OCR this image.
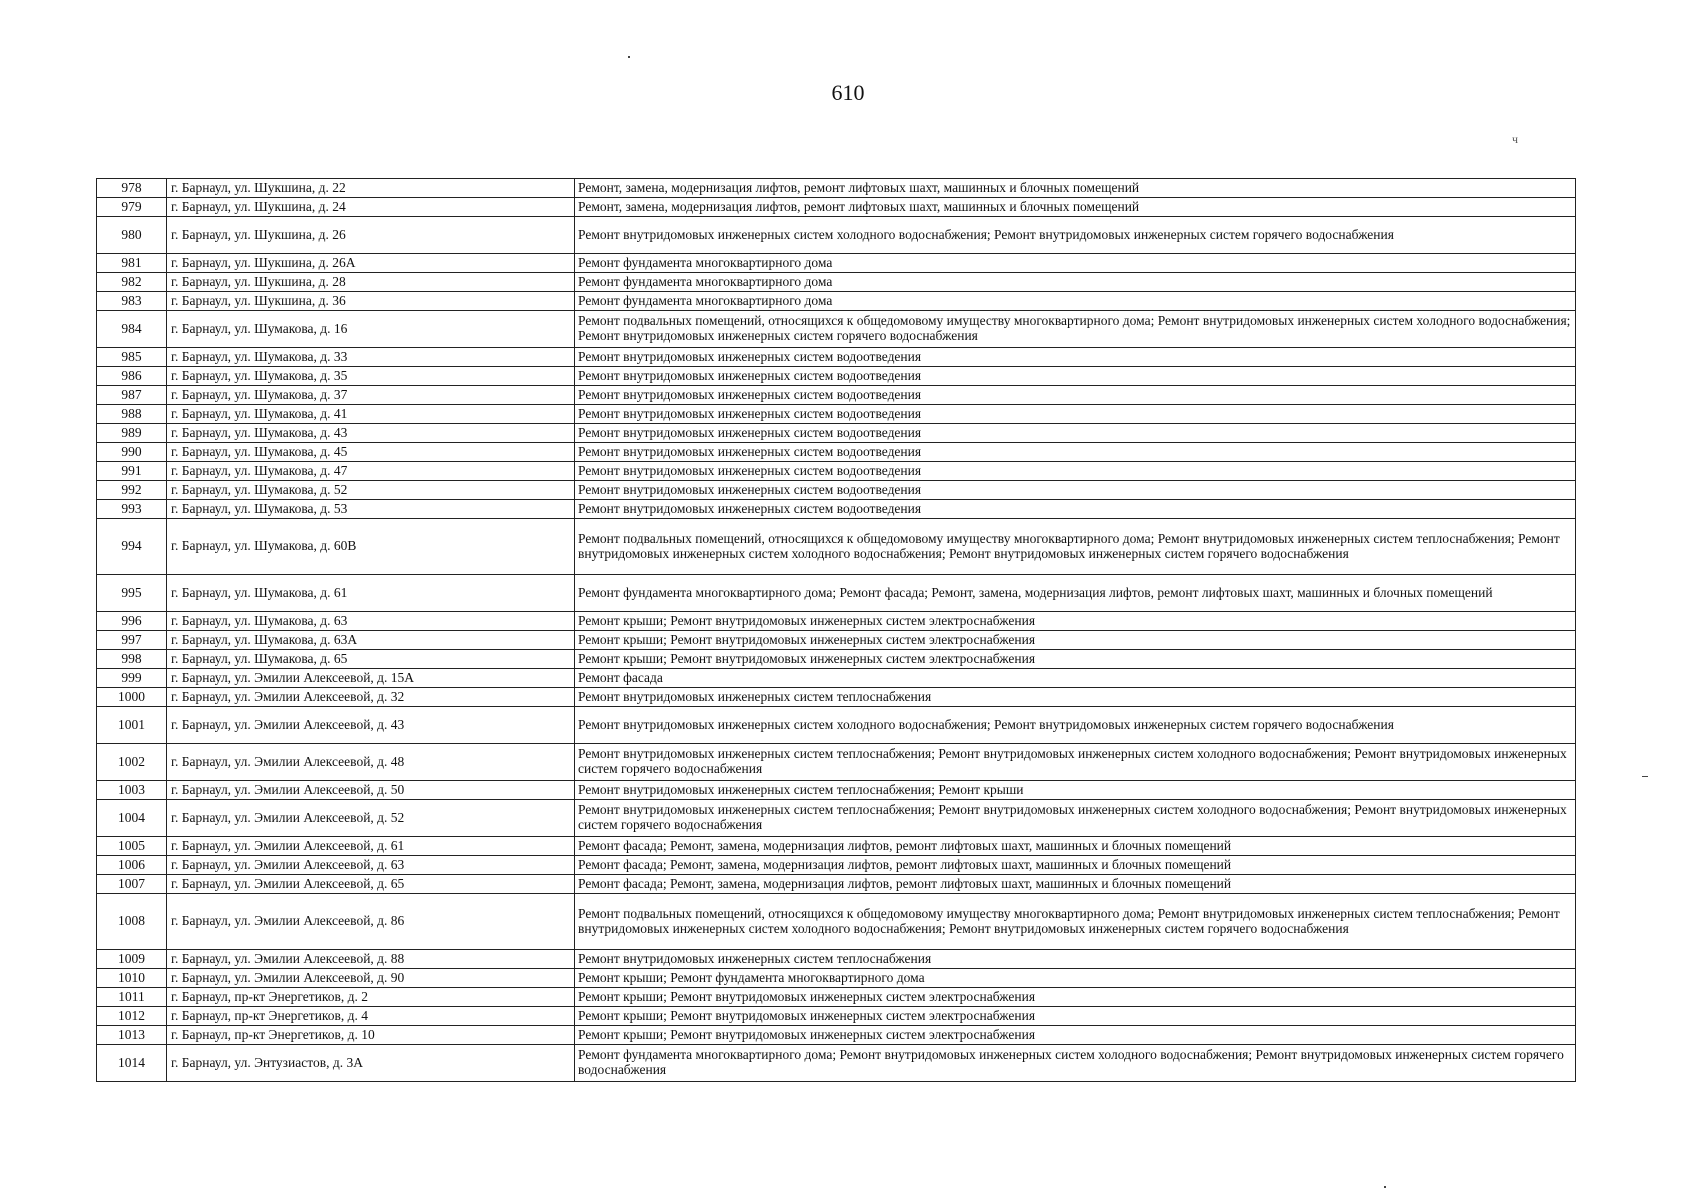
610
ч
978	г. Барнаул, ул. Шукшина, д. 22	Ремонт, замена, модернизация лифтов, ремонт лифтовых шахт, машинных и блочных помещений
979	г. Барнаул, ул. Шукшина, д. 24	Ремонт, замена, модернизация лифтов, ремонт лифтовых шахт, машинных и блочных помещений
980	г. Барнаул, ул. Шукшина, д. 26	Ремонт внутридомовых инженерных систем холодного водоснабжения; Ремонт внутридомовых инженерных систем горячего водоснабжения
981	г. Барнаул, ул. Шукшина, д. 26А	Ремонт фундамента многоквартирного дома
982	г. Барнаул, ул. Шукшина, д. 28	Ремонт фундамента многоквартирного дома
983	г. Барнаул, ул. Шукшина, д. 36	Ремонт фундамента многоквартирного дома
984	г. Барнаул, ул. Шумакова, д. 16	Ремонт подвальных помещений, относящихся к общедомовому имуществу многоквартирного дома; Ремонт внутридомовых инженерных систем холодного водоснабжения; Ремонт внутридомовых инженерных систем горячего водоснабжения
985	г. Барнаул, ул. Шумакова, д. 33	Ремонт внутридомовых инженерных систем водоотведения
986	г. Барнаул, ул. Шумакова, д. 35	Ремонт внутридомовых инженерных систем водоотведения
987	г. Барнаул, ул. Шумакова, д. 37	Ремонт внутридомовых инженерных систем водоотведения
988	г. Барнаул, ул. Шумакова, д. 41	Ремонт внутридомовых инженерных систем водоотведения
989	г. Барнаул, ул. Шумакова, д. 43	Ремонт внутридомовых инженерных систем водоотведения
990	г. Барнаул, ул. Шумакова, д. 45	Ремонт внутридомовых инженерных систем водоотведения
991	г. Барнаул, ул. Шумакова, д. 47	Ремонт внутридомовых инженерных систем водоотведения
992	г. Барнаул, ул. Шумакова, д. 52	Ремонт внутридомовых инженерных систем водоотведения
993	г. Барнаул, ул. Шумакова, д. 53	Ремонт внутридомовых инженерных систем водоотведения
994	г. Барнаул, ул. Шумакова, д. 60В	Ремонт подвальных помещений, относящихся к общедомовому имуществу многоквартирного дома; Ремонт внутридомовых инженерных систем теплоснабжения; Ремонт внутридомовых инженерных систем холодного водоснабжения; Ремонт внутридомовых инженерных систем горячего водоснабжения
995	г. Барнаул, ул. Шумакова, д. 61	Ремонт фундамента многоквартирного дома; Ремонт фасада; Ремонт, замена, модернизация лифтов, ремонт лифтовых шахт, машинных и блочных помещений
996	г. Барнаул, ул. Шумакова, д. 63	Ремонт крыши; Ремонт внутридомовых инженерных систем электроснабжения
997	г. Барнаул, ул. Шумакова, д. 63А	Ремонт крыши; Ремонт внутридомовых инженерных систем электроснабжения
998	г. Барнаул, ул. Шумакова, д. 65	Ремонт крыши; Ремонт внутридомовых инженерных систем электроснабжения
999	г. Барнаул, ул. Эмилии Алексеевой, д. 15А	Ремонт фасада
1000	г. Барнаул, ул. Эмилии Алексеевой, д. 32	Ремонт внутридомовых инженерных систем теплоснабжения
1001	г. Барнаул, ул. Эмилии Алексеевой, д. 43	Ремонт внутридомовых инженерных систем холодного водоснабжения; Ремонт внутридомовых инженерных систем горячего водоснабжения
1002	г. Барнаул, ул. Эмилии Алексеевой, д. 48	Ремонт внутридомовых инженерных систем теплоснабжения; Ремонт внутридомовых инженерных систем холодного водоснабжения; Ремонт внутридомовых инженерных систем горячего водоснабжения
1003	г. Барнаул, ул. Эмилии Алексеевой, д. 50	Ремонт внутридомовых инженерных систем теплоснабжения; Ремонт крыши
1004	г. Барнаул, ул. Эмилии Алексеевой, д. 52	Ремонт внутридомовых инженерных систем теплоснабжения; Ремонт внутридомовых инженерных систем холодного водоснабжения; Ремонт внутридомовых инженерных систем горячего водоснабжения
1005	г. Барнаул, ул. Эмилии Алексеевой, д. 61	Ремонт фасада; Ремонт, замена, модернизация лифтов, ремонт лифтовых шахт, машинных и блочных помещений
1006	г. Барнаул, ул. Эмилии Алексеевой, д. 63	Ремонт фасада; Ремонт, замена, модернизация лифтов, ремонт лифтовых шахт, машинных и блочных помещений
1007	г. Барнаул, ул. Эмилии Алексеевой, д. 65	Ремонт фасада; Ремонт, замена, модернизация лифтов, ремонт лифтовых шахт, машинных и блочных помещений
1008	г. Барнаул, ул. Эмилии Алексеевой, д. 86	Ремонт подвальных помещений, относящихся к общедомовому имуществу многоквартирного дома; Ремонт внутридомовых инженерных систем теплоснабжения; Ремонт внутридомовых инженерных систем холодного водоснабжения; Ремонт внутридомовых инженерных систем горячего водоснабжения
1009	г. Барнаул, ул. Эмилии Алексеевой, д. 88	Ремонт внутридомовых инженерных систем теплоснабжения
1010	г. Барнаул, ул. Эмилии Алексеевой, д. 90	Ремонт крыши; Ремонт фундамента многоквартирного дома
1011	г. Барнаул, пр-кт Энергетиков, д. 2	Ремонт крыши; Ремонт внутридомовых инженерных систем электроснабжения
1012	г. Барнаул, пр-кт Энергетиков, д. 4	Ремонт крыши; Ремонт внутридомовых инженерных систем электроснабжения
1013	г. Барнаул, пр-кт Энергетиков, д. 10	Ремонт крыши; Ремонт внутридомовых инженерных систем электроснабжения
1014	г. Барнаул, ул. Энтузиастов, д. 3А	Ремонт фундамента многоквартирного дома; Ремонт внутридомовых инженерных систем холодного водоснабжения; Ремонт внутридомовых инженерных систем горячего водоснабжения
